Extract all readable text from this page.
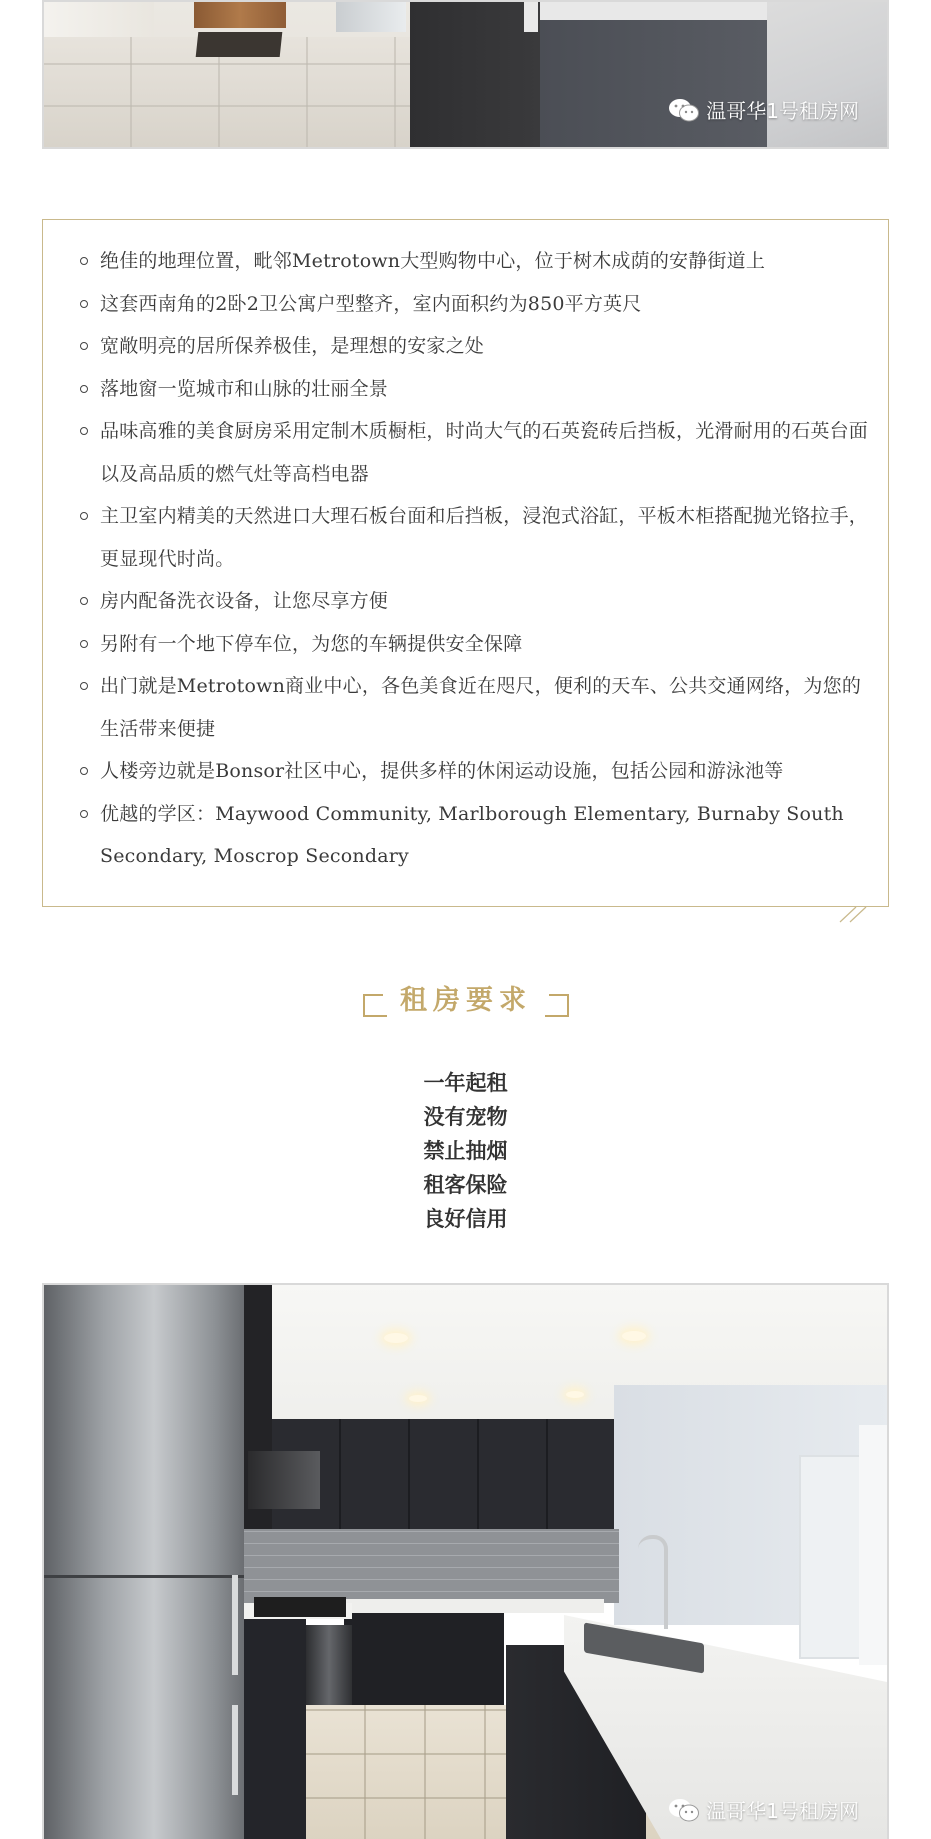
温哥华1号租房网
绝佳的地理位置，毗邻Metrotown大型购物中心，位于树木成荫的安静街道上
这套西南角的2卧2卫公寓户型整齐，室内面积约为850平方英尺
宽敞明亮的居所保养极佳，是理想的安家之处
落地窗一览城市和山脉的壮丽全景
品味高雅的美食厨房采用定制木质橱柜，时尚大气的石英瓷砖后挡板，光滑耐用的石英台面以及高品质的燃气灶等高档电器
主卫室内精美的天然进口大理石板台面和后挡板，浸泡式浴缸，平板木柜搭配抛光铬拉手，更显现代时尚。
房内配备洗衣设备，让您尽享方便
另附有一个地下停车位，为您的车辆提供安全保障
出门就是Metrotown商业中心，各色美食近在咫尺，便利的天车、公共交通网络，为您的生活带来便捷
人楼旁边就是Bonsor社区中心，提供多样的休闲运动设施，包括公园和游泳池等
优越的学区：Maywood Community, Marlborough Elementary, Burnaby South Secondary, Moscrop Secondary
租房要求
一年起租
没有宠物
禁止抽烟
租客保险
良好信用
温哥华1号租房网
